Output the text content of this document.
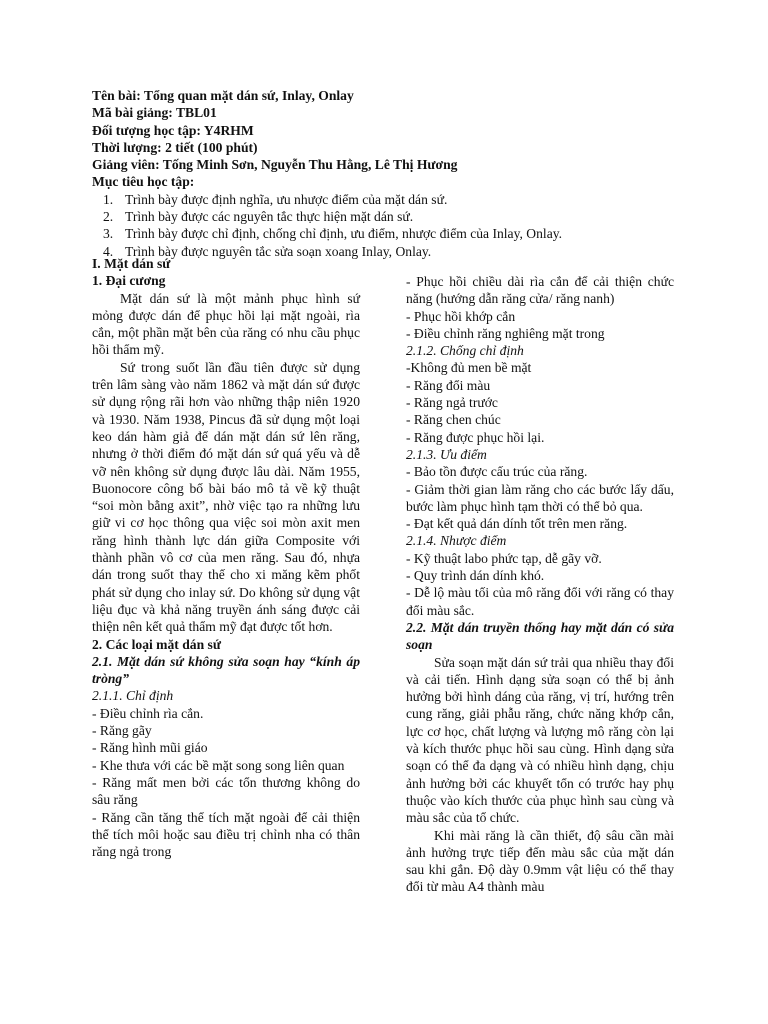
Tên bài: Tổng quan mặt dán sứ, Inlay, Onlay
Mã bài giảng: TBL01
Đối tượng học tập: Y4RHM
Thời lượng: 2 tiết (100 phút)
Giảng viên: Tống Minh Sơn, Nguyễn Thu Hằng, Lê Thị Hương
Mục tiêu học tập:
1. Trình bày được định nghĩa, ưu nhược điểm của mặt dán sứ.
2. Trình bày được các nguyên tắc thực hiện mặt dán sứ.
3. Trình bày được chỉ định, chống chỉ định, ưu điểm, nhược điểm của Inlay, Onlay.
4. Trình bày được nguyên tắc sửa soạn xoang Inlay, Onlay.
I. Mặt dán sứ
1. Đại cương

Mặt dán sứ là một mảnh phục hình sứ mỏng được dán để phục hồi lại mặt ngoài, rìa cắn, một phần mặt bên của răng có nhu cầu phục hồi thẩm mỹ.

Sứ trong suốt lần đầu tiên được sử dụng trên lâm sàng vào năm 1862 và mặt dán sứ được sử dụng rộng rãi hơn vào những thập niên 1920 và 1930. Năm 1938, Pincus đã sử dụng một loại keo dán hàm giả để dán mặt dán sứ lên răng, nhưng ở thời điểm đó mặt dán sứ quá yếu và dễ vỡ nên không sử dụng được lâu dài. Năm 1955, Buonocore công bố bài báo mô tả về kỹ thuật “soi mòn bằng axit”, nhờ việc tạo ra những lưu giữ vi cơ học thông qua việc soi mòn axit men răng hình thành lực dán giữa Composite với thành phần vô cơ của men răng. Sau đó, nhựa dán trong suốt thay thế cho xi măng kẽm phốt phát sử dụng cho inlay sứ. Do không sử dụng vật liệu đục và khả năng truyền ánh sáng được cải thiện nên kết quả thẩm mỹ đạt được tốt hơn.

2. Các loại mặt dán sứ

2.1. Mặt dán sứ không sửa soạn hay “kính áp tròng”

2.1.1. Chỉ định

- Điều chỉnh rìa cắn.

- Răng gãy

- Răng hình mũi giáo

- Khe thưa với các bề mặt song song liên quan

- Răng mất men bởi các tổn thương không do sâu răng

- Răng cần tăng thể tích mặt ngoài để cải thiện thể tích môi hoặc sau điều trị chỉnh nha có thân răng ngả trong

- Phục hồi chiều dài rìa cắn để cải thiện chức năng (hướng dẫn răng cửa/ răng nanh)

- Phục hồi khớp cắn

- Điều chỉnh răng nghiêng mặt trong

2.1.2. Chống chỉ định

-Không đủ men bề mặt

- Răng đổi màu

- Răng ngả trước

- Răng chen chúc

- Răng được phục hồi lại.

2.1.3. Ưu điểm

- Bảo tồn được cấu trúc của răng.

- Giảm thời gian làm răng cho các bước lấy dấu, bước làm phục hình tạm thời có thể bỏ qua.

- Đạt kết quả dán dính tốt trên men răng.

2.1.4. Nhược điểm

- Kỹ thuật labo phức tạp, dễ gãy vỡ.

- Quy trình dán dính khó.

- Dễ lộ màu tối của mô răng đổi với răng có thay đổi màu sắc.

2.2. Mặt dán truyền thống hay mặt dán có sửa soạn

Sửa soạn mặt dán sứ trải qua nhiều thay đổi và cải tiến. Hình dạng sửa soạn có thể bị ảnh hưởng bởi hình dáng của răng, vị trí, hướng trên cung răng, giải phẫu răng, chức năng khớp cắn, lực cơ học, chất lượng và lượng mô răng còn lại và kích thước phục hồi sau cùng. Hình dạng sửa soạn có thể đa dạng và có nhiều hình dạng, chịu ảnh hưởng bởi các khuyết tổn có trước hay phụ thuộc vào kích thước của phục hình sau cùng và màu sắc của tổ chức.

Khi mài răng là cần thiết, độ sâu cần mài ảnh hưởng trực tiếp đến màu sắc của mặt dán sau khi gắn. Độ dày 0.9mm vật liệu có thể thay đổi từ màu A4 thành màu
